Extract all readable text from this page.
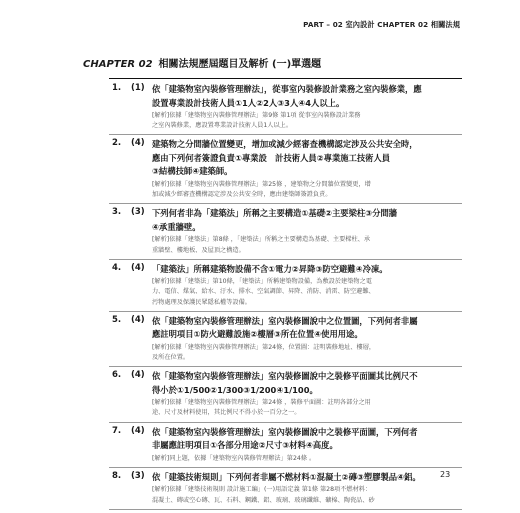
PART – 02 室內設計 CHAPTER 02 相關法規
CHAPTER 02 相關法規歷屆題目及解析 (一)單選題
1. (1) 依「建築物室內裝修管理辦法」，從事室內裝修設計業務之室內裝修業，應
設置專業設計技術人員①1人②2人③3人④4人以上。

[解析]依據「建築物室內裝修管理辦法」第9條 第1項 從事室內裝修設計業務
之室內裝修業，應設置專業設計技術人員1人以上。

2. (4) 建築物之分間牆位置變更，增加或減少經審查機構認定涉及公共安全時，
應由下列何者簽證負責①專業設　計技術人員②專業施工技術人員
③結構技師④建築師。

[解析]依據「建築物室內裝修管理辦法」第25條 ，建築物之分間牆位置變更，增
加或減少經審查機構認定涉及公共安全時，應由建築師簽證負責。

3. (3) 下列何者非為「建築法」所稱之主要構造①基礎②主要梁柱③分間牆
④承重牆壁。

[解析]依據「建築法」第8條 ，「建築法」所稱之主要構造為基礎、主要樑柱、承
重牆壁、樓地板、及屋頂之構造。

4. (4) 「建築法」所稱建築物設備不含①電力②昇降③防空避難④冷凍。

[解析]依據「建築法」第10條，「建築法」所稱建築物設備，為敷設於建築物之電
力、電信、煤氣、給水、汙水、排水、空氣調節、昇降、消防、消雷、防空避難、
污物處理及保護民眾隱私權等設備。

5. (4) 依「建築物室內裝修管理辦法」室內裝修圖說中之位置圖，下列何者非屬
應註明項目①防火避難設施②樓層③所在位置④使用用途。

[解析]依據「建築物室內裝修管理辦法」第24條，位置圖：註明裝修地址、樓層，
及所在位置。

6. (4) 依「建築物室內裝修管理辦法」室內裝修圖說中之裝修平面圖其比例尺不
得小於①1/500②1/300③1/200④1/100。

[解析]依據「建築物室內裝修管理辦法」第24條 ，裝修平面圖：註明各部分之用
途、尺寸及材料使用，其比例尺不得小於一百分之一。

7. (4) 依「建築物室內裝修管理辦法」室內裝修圖說中之裝修平面圖，下列何者
非屬應註明項目①各部分用途②尺寸③材料④高度。

[解析]同上題，依據「建築物室內裝修管理辦法」第24條 。

8. (3) 依「建築技術規則」下列何者非屬不燃材料①混凝土②磚③塑膠製品④鋁。

[解析]依據「建築技術規則 設計施工編」(一)用語定義 第1條 第28項不燃材料：
混凝土、磚或空心磚、瓦、石料、鋼鐵、鋁、玻璃、玻璃纖維、礦棉、陶瓷品、砂

23
